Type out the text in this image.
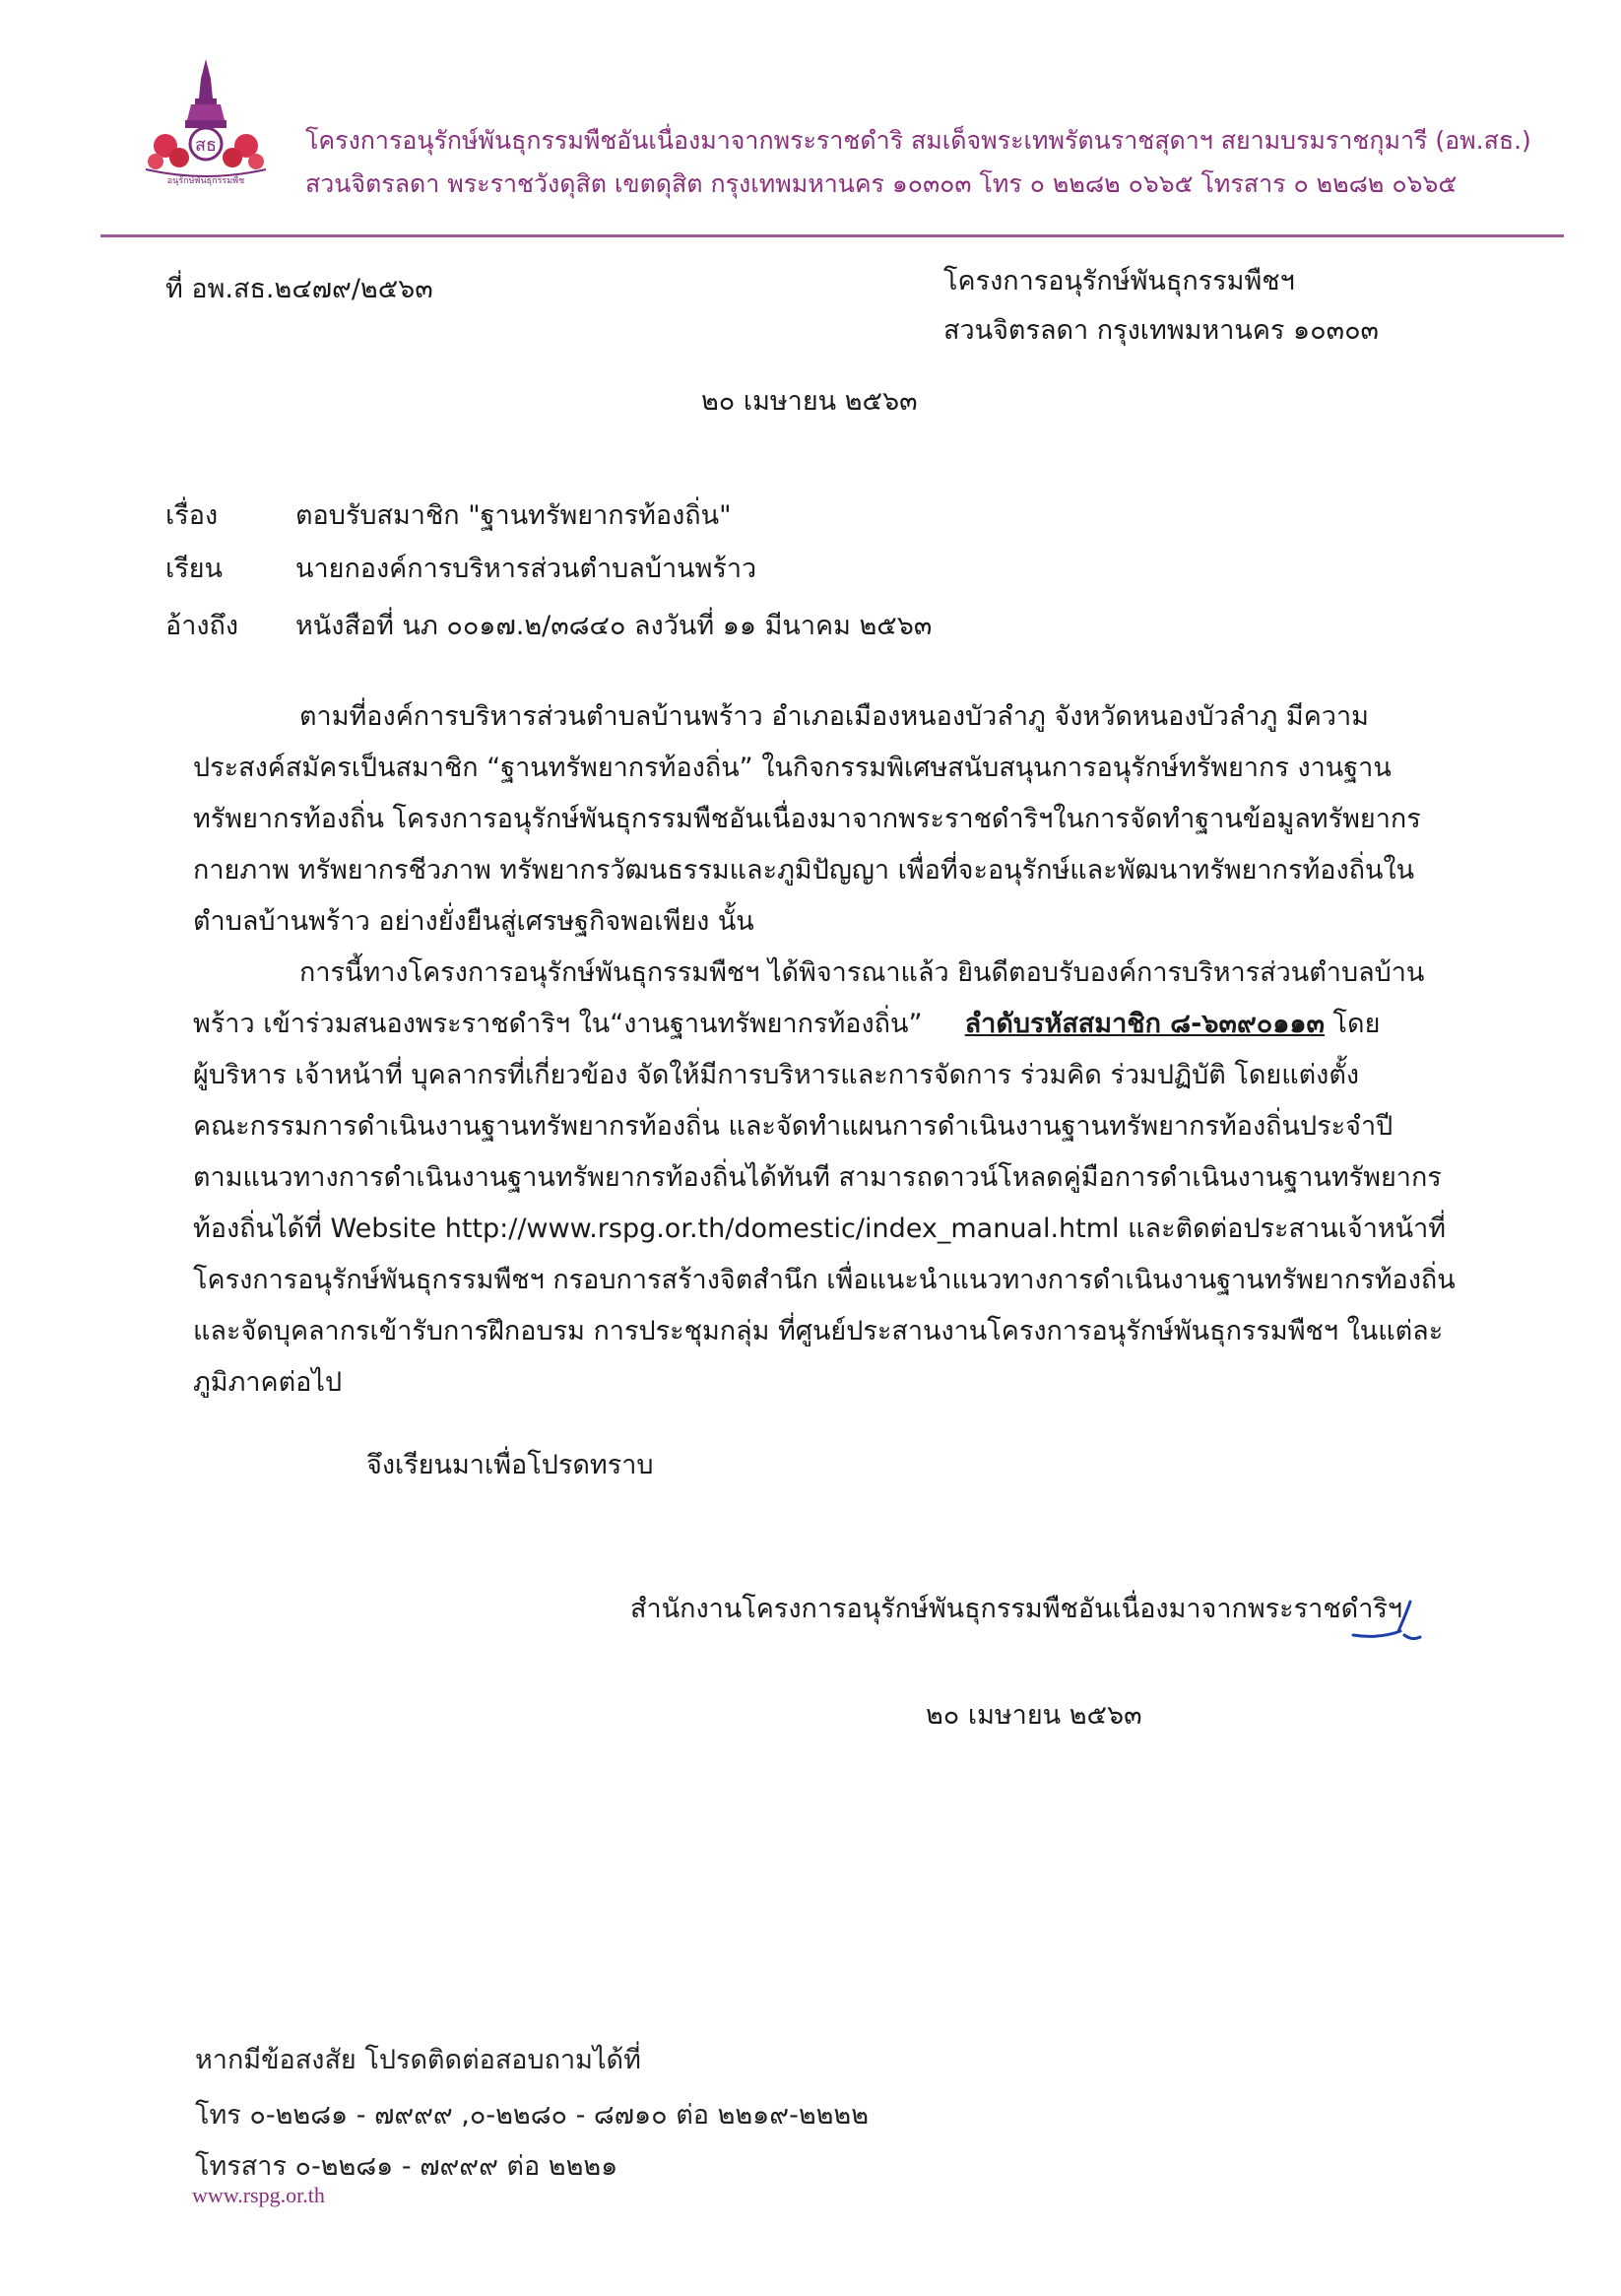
สธ
อนุรักษ์พันธุกรรมพืช
โครงการอนุรักษ์พันธุกรรมพืชอันเนื่องมาจากพระราชดำริ สมเด็จพระเทพรัตนราชสุดาฯ สยามบรมราชกุมารี (อพ.สธ.)
สวนจิตรลดา พระราชวังดุสิต เขตดุสิต กรุงเทพมหานคร ๑๐๓๐๓ โทร ๐ ๒๒๘๒ ๐๖๖๕ โทรสาร ๐ ๒๒๘๒ ๐๖๖๕
ที่ อพ.สธ.๒๔๗๙/๒๕๖๓	โครงการอนุรักษ์พันธุกรรมพืชฯ
สวนจิตรลดา กรุงเทพมหานคร ๑๐๓๐๓
๒๐ เมษายน ๒๕๖๓
เรื่อง	ตอบรับสมาชิก "ฐานทรัพยากรท้องถิ่น"
เรียน	นายกองค์การบริหารส่วนตำบลบ้านพร้าว
อ้างถึง หนังสือที่ นภ ๐๐๑๗.๒/๓๘๔๐ ลงวันที่ ๑๑ มีนาคม ๒๕๖๓
ตามที่องค์การบริหารส่วนตำบลบ้านพร้าว อำเภอเมืองหนองบัวลำภู จังหวัดหนองบัวลำภู มีความ
ประสงค์สมัครเป็นสมาชิก “ฐานทรัพยากรท้องถิ่น” ในกิจกรรมพิเศษสนับสนุนการอนุรักษ์ทรัพยากร งานฐาน
ทรัพยากรท้องถิ่น โครงการอนุรักษ์พันธุกรรมพืชอันเนื่องมาจากพระราชดำริฯในการจัดทำฐานข้อมูลทรัพยากร
กายภาพ ทรัพยากรชีวภาพ ทรัพยากรวัฒนธรรมและภูมิปัญญา เพื่อที่จะอนุรักษ์และพัฒนาทรัพยากรท้องถิ่นใน
ตำบลบ้านพร้าว อย่างยั่งยืนสู่เศรษฐกิจพอเพียง นั้น
การนี้ทางโครงการอนุรักษ์พันธุกรรมพืชฯ ได้พิจารณาแล้ว ยินดีตอบรับองค์การบริหารส่วนตำบลบ้าน
พร้าว เข้าร่วมสนองพระราชดำริฯ ใน“งานฐานทรัพยากรท้องถิ่น” ลำดับรหัสสมาชิก ๘-๖๓๙๐๑๑๓ โดย
ผู้บริหาร เจ้าหน้าที่ บุคลากรที่เกี่ยวข้อง จัดให้มีการบริหารและการจัดการ ร่วมคิด ร่วมปฏิบัติ โดยแต่งตั้ง
คณะกรรมการดำเนินงานฐานทรัพยากรท้องถิ่น และจัดทำแผนการดำเนินงานฐานทรัพยากรท้องถิ่นประจำปี
ตามแนวทางการดำเนินงานฐานทรัพยากรท้องถิ่นได้ทันที สามารถดาวน์โหลดคู่มือการดำเนินงานฐานทรัพยากร
ท้องถิ่นได้ที่ Website http://www.rspg.or.th/domestic/index_manual.html และติดต่อประสานเจ้าหน้าที่
โครงการอนุรักษ์พันธุกรรมพืชฯ กรอบการสร้างจิตสำนึก เพื่อแนะนำแนวทางการดำเนินงานฐานทรัพยากรท้องถิ่น
และจัดบุคลากรเข้ารับการฝึกอบรม การประชุมกลุ่ม ที่ศูนย์ประสานงานโครงการอนุรักษ์พันธุกรรมพืชฯ ในแต่ละ
ภูมิภาคต่อไป
จึงเรียนมาเพื่อโปรดทราบ
สำนักงานโครงการอนุรักษ์พันธุกรรมพืชอันเนื่องมาจากพระราชดำริฯ
๒๐ เมษายน ๒๕๖๓
หากมีข้อสงสัย โปรดติดต่อสอบถามได้ที่
โทร ๐-๒๒๘๑ - ๗๙๙๙ ,๐-๒๒๘๐ - ๘๗๑๐ ต่อ ๒๒๑๙-๒๒๒๒
โทรสาร ๐-๒๒๘๑ - ๗๙๙๙ ต่อ ๒๒๒๑
www.rspg.or.th
